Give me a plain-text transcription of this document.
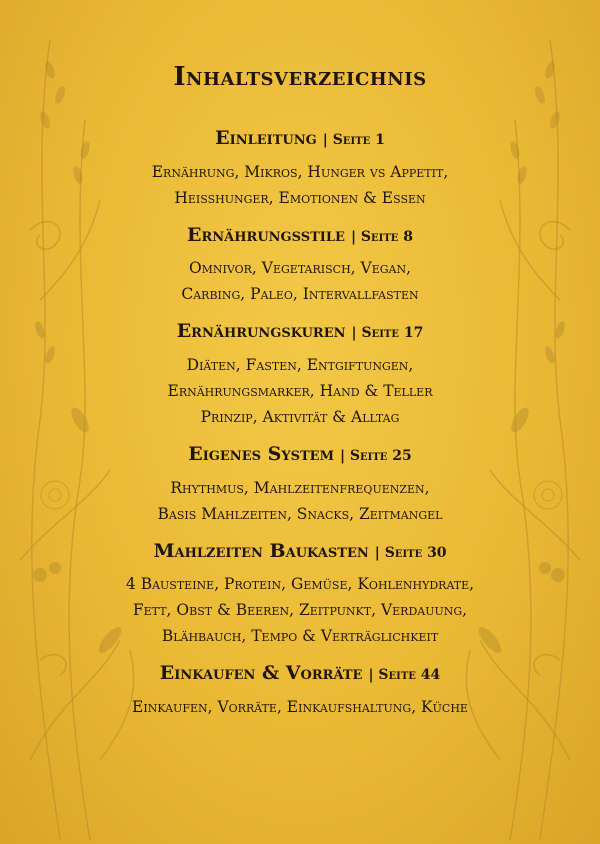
Inhaltsverzeichnis
Einleitung | Seite 1

Ernährung, Mikros, Hunger vs Appetit,

Heißhunger, Emotionen & Essen

Ernährungsstile | Seite 8

Omnivor, Vegetarisch, Vegan,

Carbing, Paleo, Intervallfasten

Ernährungskuren | Seite 17

Diäten, Fasten, Entgiftungen,

Ernährungsmarker, Hand & Teller

Prinzip, Aktivität & Alltag

Eigenes System | Seite 25

Rhythmus, Mahlzeitenfrequenzen,

Basis Mahlzeiten, Snacks, Zeitmangel

Mahlzeiten Baukasten | Seite 30

4 Bausteine, Protein, Gemüse, Kohlenhydrate,

Fett, Obst & Beeren, Zeitpunkt, Verdauung,

Blähbauch, Tempo & Verträglichkeit

Einkaufen & Vorräte | Seite 44

Einkaufen, Vorräte, Einkaufshaltung, Küche
